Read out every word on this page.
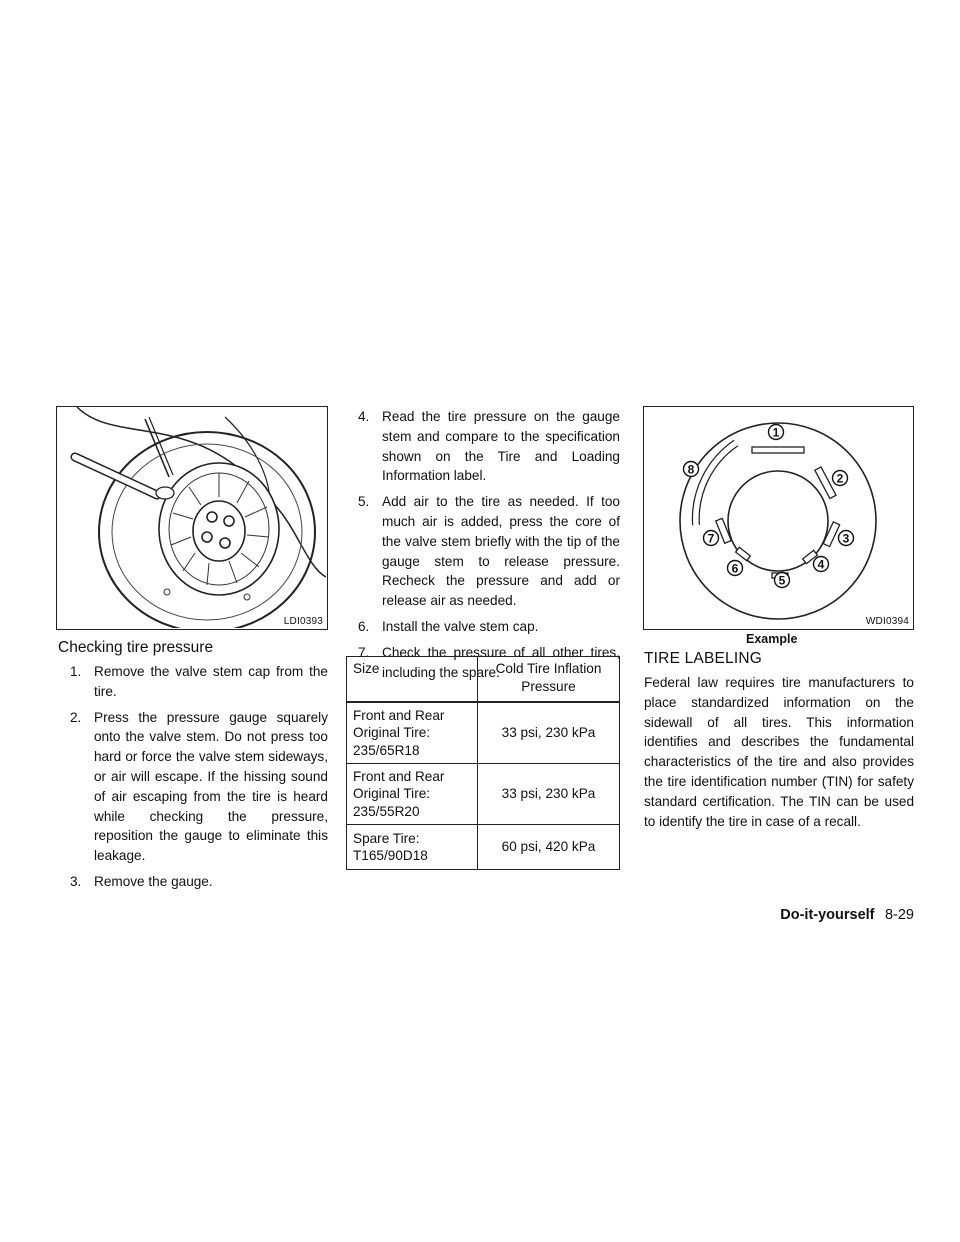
LDI0393
Checking tire pressure
1. Remove the valve stem cap from the tire.
2. Press the pressure gauge squarely onto the valve stem. Do not press too hard or force the valve stem sideways, or air will escape. If the hissing sound of air escaping from the tire is heard while checking the pressure, reposition the gauge to eliminate this leakage.
3. Remove the gauge.
4. Read the tire pressure on the gauge stem and compare to the specification shown on the Tire and Loading Information label.
5. Add air to the tire as needed. If too much air is added, press the core of the valve stem briefly with the tip of the gauge stem to release pressure. Recheck the pressure and add or release air as needed.
6. Install the valve stem cap.
7. Check the pressure of all other tires, including the spare.
Size	Cold Tire Inflation Pressure
Front and Rear Original Tire: 235/65R18	33 psi, 230 kPa
Front and Rear Original Tire: 235/55R20	33 psi, 230 kPa
Spare Tire: T165/90D18	60 psi, 420 kPa
1
2
3
4
5
6
7
8
WDI0394
Example
TIRE LABELING
Federal law requires tire manufacturers to place standardized information on the sidewall of all tires. This information identifies and describes the fundamental characteristics of the tire and also provides the tire identification number (TIN) for safety standard certification. The TIN can be used to identify the tire in case of a recall.
Do-it-yourself 8-29
